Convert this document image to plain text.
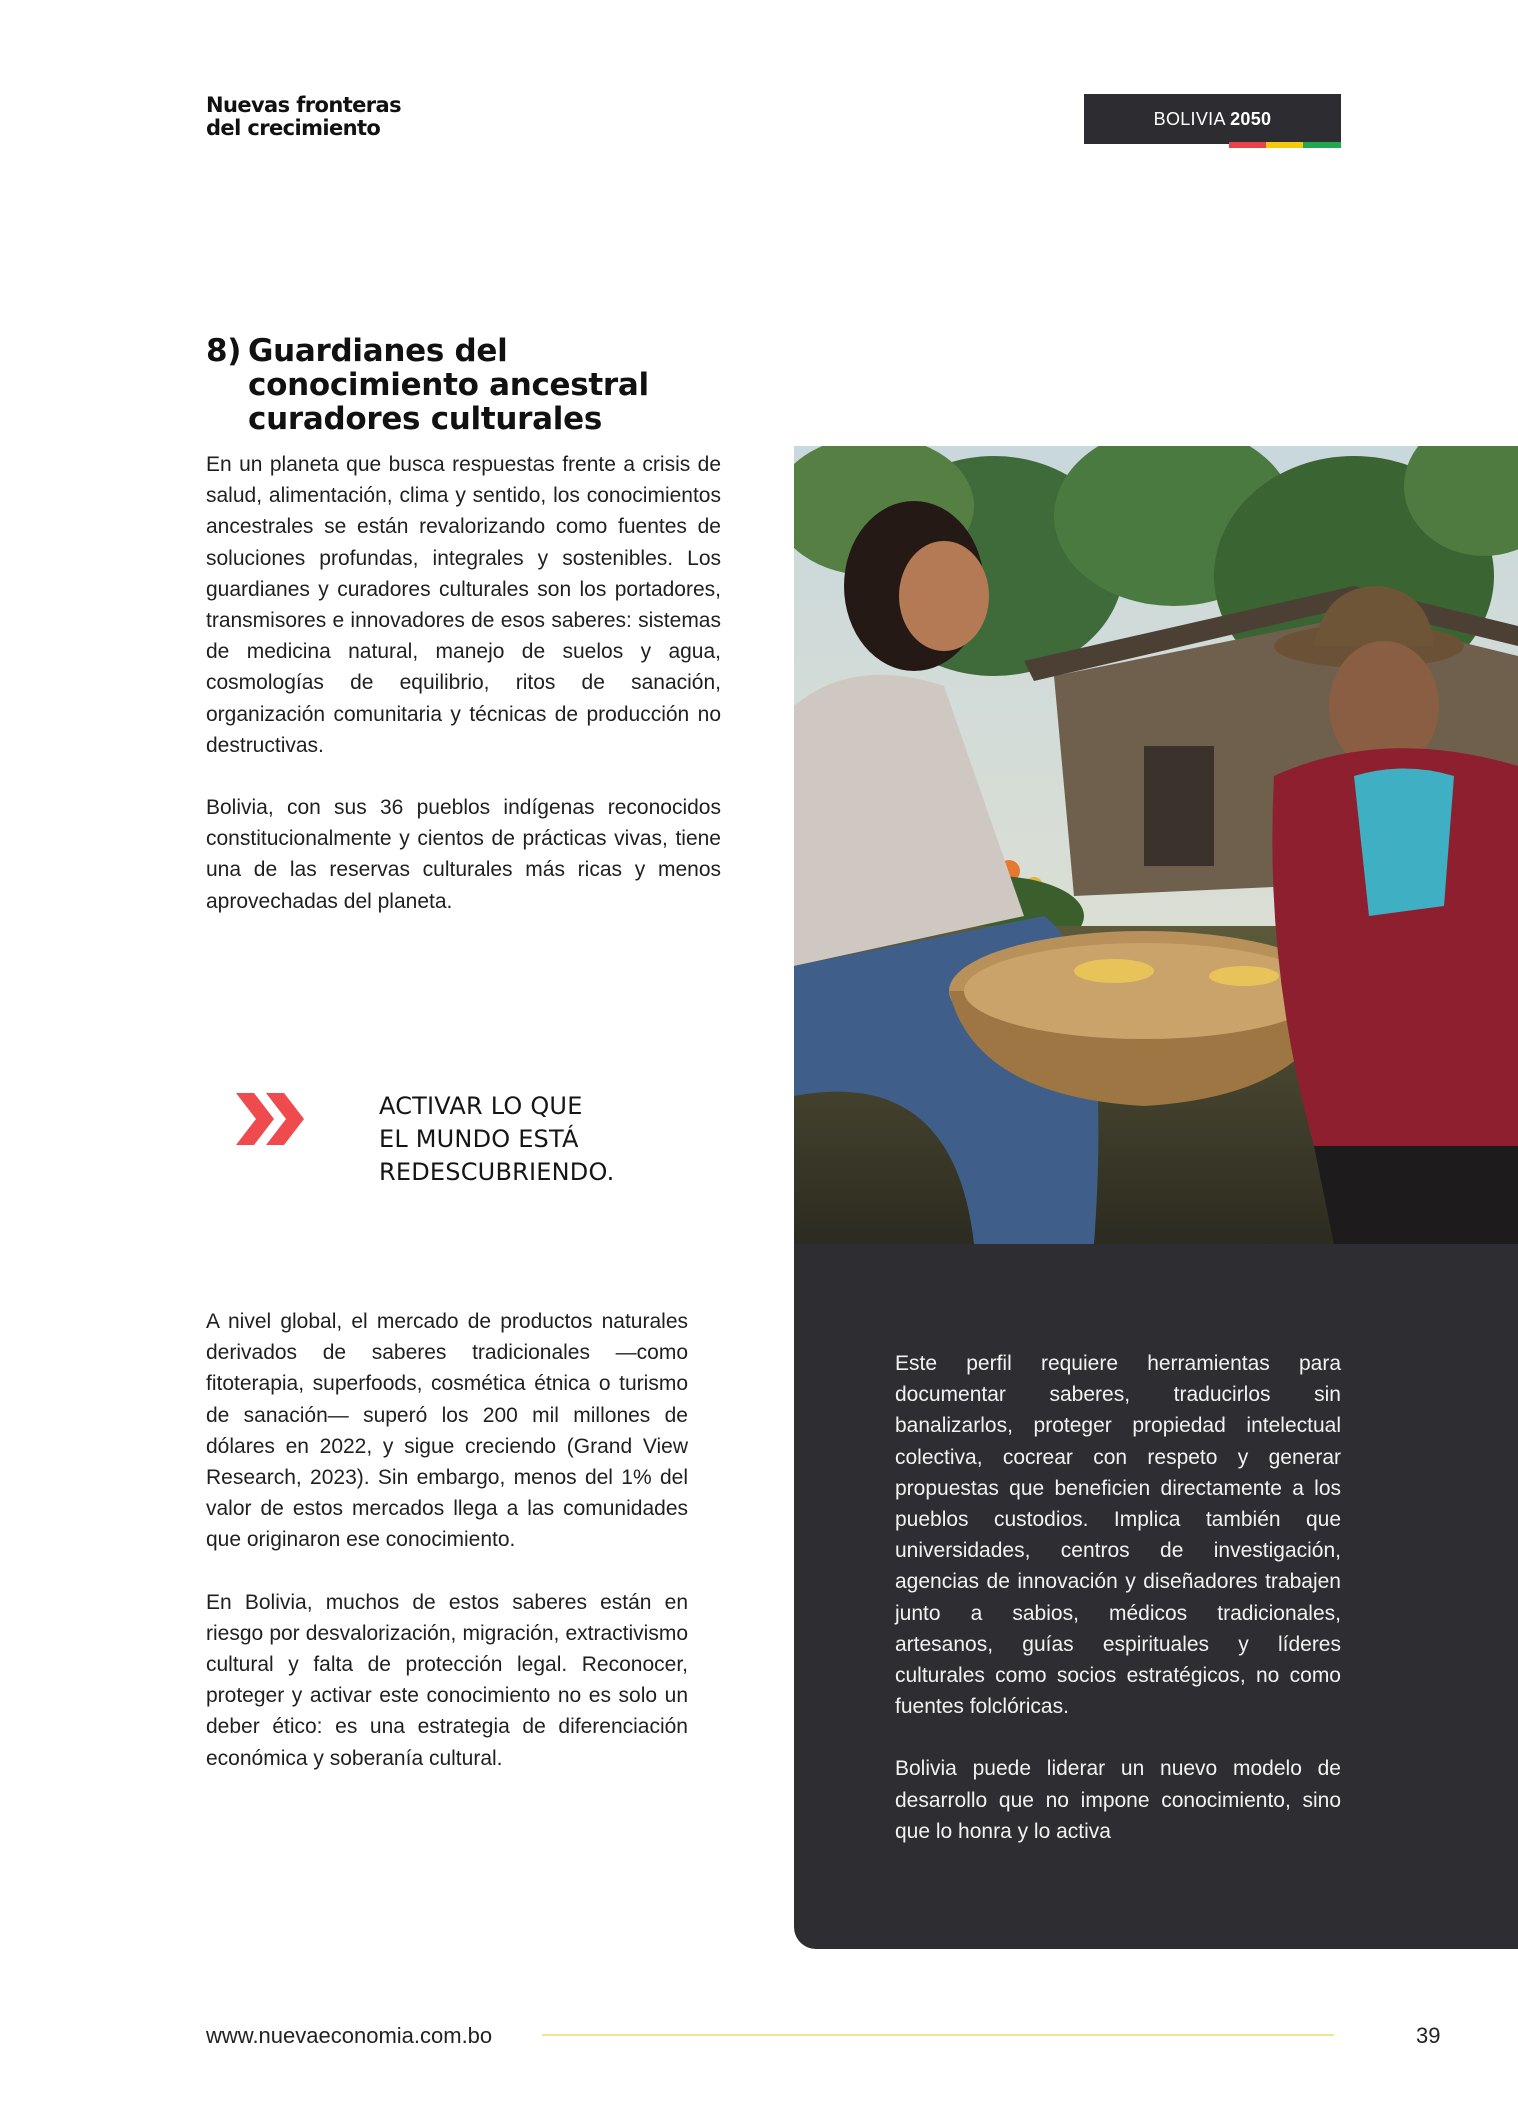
Nuevas fronteras
del crecimiento	BOLIVIA 2050
8) Guardianes del
conocimiento ancestral
curadores culturales

En un planeta que busca respuestas frente a crisis de salud, alimentación, clima y sentido, los conocimientos ancestrales se están revalorizando como fuentes de soluciones profundas, integrales y sostenibles. Los guardianes y curadores culturales son los portadores, transmisores e innovadores de esos saberes: sistemas de medicina natural, manejo de suelos y agua, cosmologías de equilibrio, ritos de sanación, organización comunitaria y técnicas de producción no destructivas.

Bolivia, con sus 36 pueblos indígenas reconocidos constitucionalmente y cientos de prácticas vivas, tiene una de las reservas culturales más ricas y menos aprovechadas del planeta.

Este perfil requiere herramientas para documentar saberes, traducirlos sin banalizarlos, proteger propiedad intelectual colectiva, cocrear con respeto y generar propuestas que beneficien directamente a los pueblos custodios. Implica también que universidades, centros de investigación, agencias de innovación y diseñadores trabajen junto a sabios, médicos tradicionales, artesanos, guías espirituales y líderes culturales como socios estratégicos, no como fuentes folclóricas.

Bolivia puede liderar un nuevo modelo de desarrollo que no impone conocimiento, sino que lo honra y lo activa

ACTIVAR LO QUE
EL MUNDO ESTÁ
REDESCUBRIENDO.

A nivel global, el mercado de productos naturales derivados de saberes tradicionales —como fitoterapia, superfoods, cosmética étnica o turismo de sanación— superó los 200 mil millones de dólares en 2022, y sigue creciendo (Grand View Research, 2023). Sin embargo, menos del 1% del valor de estos mercados llega a las comunidades que originaron ese conocimiento.

En Bolivia, muchos de estos saberes están en riesgo por desvalorización, migración, extractivismo cultural y falta de protección legal. Reconocer, proteger y activar este conocimiento no es solo un deber ético: es una estrategia de diferenciación económica y soberanía cultural.

www.nuevaeconomia.com.bo	39
